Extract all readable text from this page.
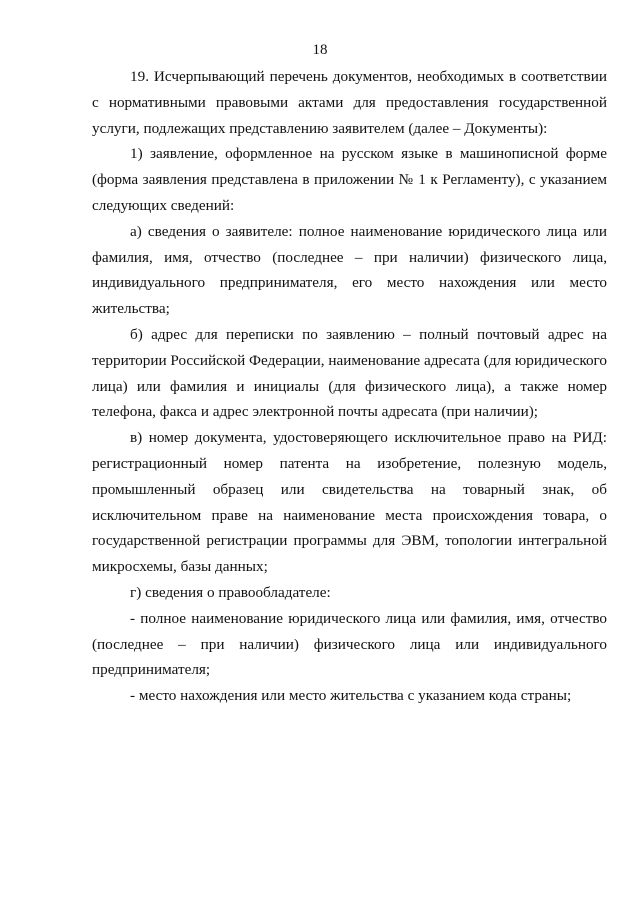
18

19. Исчерпывающий перечень документов, необходимых в соответствии с нормативными правовыми актами для предоставления государственной услуги, подлежащих представлению заявителем (далее – Документы):

1) заявление, оформленное на русском языке в машинописной форме (форма заявления представлена в приложении № 1 к Регламенту), с указанием следующих сведений:

а) сведения о заявителе: полное наименование юридического лица или фамилия, имя, отчество (последнее – при наличии) физического лица, индивидуального предпринимателя, его место нахождения или место жительства;

б) адрес для переписки по заявлению – полный почтовый адрес на территории Российской Федерации, наименование адресата (для юридического лица) или фамилия и инициалы (для физического лица), а также номер телефона, факса и адрес электронной почты адресата (при наличии);

в) номер документа, удостоверяющего исключительное право на РИД: регистрационный номер патента на изобретение, полезную модель, промышленный образец или свидетельства на товарный знак, об исключительном праве на наименование места происхождения товара, о государственной регистрации программы для ЭВМ, топологии интегральной микросхемы, базы данных;

г) сведения о правообладателе:

- полное наименование юридического лица или фамилия, имя, отчество (последнее – при наличии) физического лица или индивидуального предпринимателя;

- место нахождения или место жительства с указанием кода страны;
